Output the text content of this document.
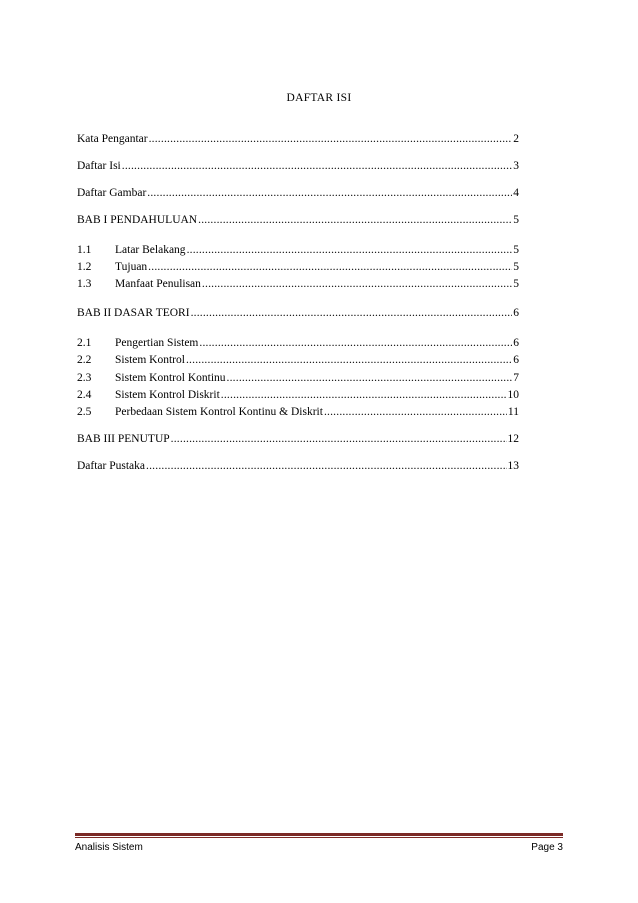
DAFTAR ISI
Kata Pengantar .....	2
Daftar Isi .....	3
Daftar Gambar .....	4
BAB I PENDAHULUAN .....	5
1.1	Latar Belakang .....	5
1.2	Tujuan .....	5
1.3	Manfaat Penulisan .....	5
BAB II DASAR TEORI .....	6
2.1	Pengertian Sistem .....	6
2.2	Sistem Kontrol .....	6
2.3	Sistem Kontrol Kontinu .....	7
2.4	Sistem Kontrol Diskrit .....	10
2.5	Perbedaan Sistem Kontrol Kontinu & Diskrit .....	11
BAB III PENUTUP .....	12
Daftar Pustaka .....	13
Analisis Sistem	Page 3
